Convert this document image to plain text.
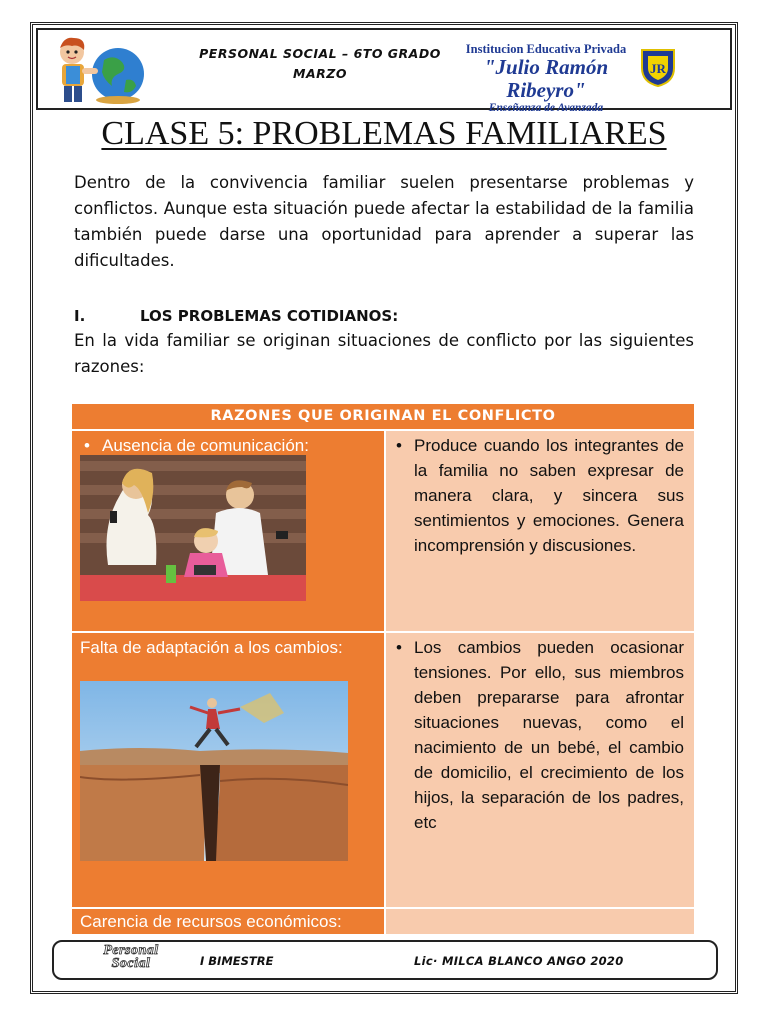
PERSONAL SOCIAL – 6TO GRADO
MARZO
Institucion Educativa Privada
"Julio Ramón Ribeyro"
Enseñanza de Avanzada
JR
CLASE 5: PROBLEMAS FAMILIARES
Dentro de la convivencia familiar suelen presentarse problemas y conflictos. Aunque esta situación puede afectar la estabilidad de la familia también puede darse una oportunidad para aprender a superar las dificultades.
I.	LOS PROBLEMAS COTIDIANOS:
En la vida familiar se originan situaciones de conflicto por las siguientes razones:
RAZONES QUE ORIGINAN EL CONFLICTO
• Ausencia de comunicación:	• Produce cuando los integrantes de la familia no saben expresar de manera clara, y sincera sus sentimientos y emociones. Genera incomprensión y discusiones.
Falta de adaptación a los cambios:	• Los cambios pueden ocasionar tensiones. Por ello, sus miembros deben prepararse para afrontar situaciones nuevas, como el nacimiento de un bebé, el cambio de domicilio, el crecimiento de los hijos, la separación de los padres, etc
Carencia de recursos económicos:
Personal
Social	I BIMESTRE	Lic· MILCA BLANCO ANGO 2020
